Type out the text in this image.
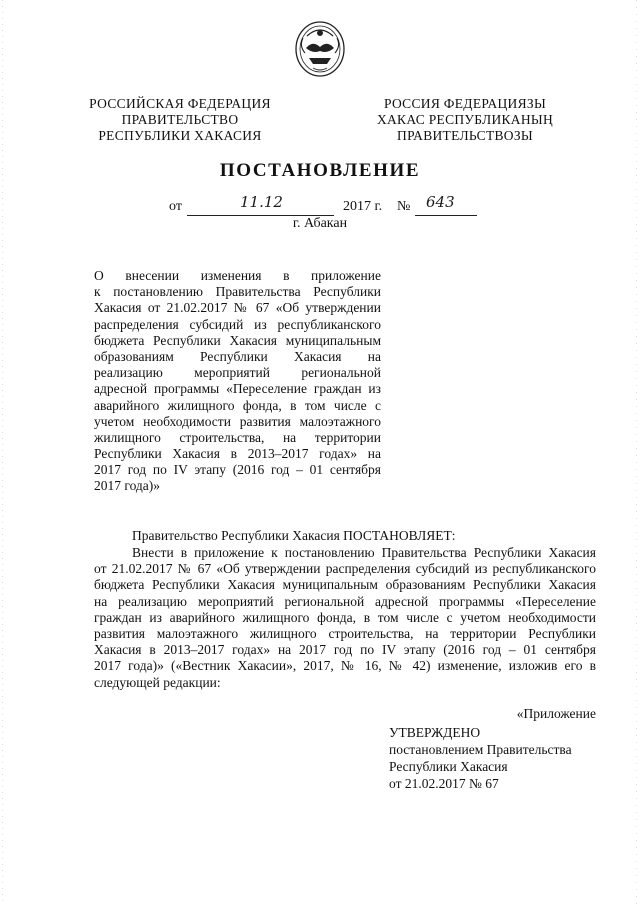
РОССИЙСКАЯ ФЕДЕРАЦИЯ
ПРАВИТЕЛЬСТВО
РЕСПУБЛИКИ ХАКАСИЯ
РОССИЯ ФЕДЕРАЦИЯЗЫ
ХАКАС РЕСПУБЛИКАНЫҢ
ПРАВИТЕЛЬСТВОЗЫ
ПОСТАНОВЛЕНИЕ
от	11.12	2017 г. № 643
г. Абакан
О внесении изменения в приложение
к постановлению Правительства Республики
Хакасия от 21.02.2017 № 67 «Об утверждении
распределения субсидий из республиканского
бюджета Республики Хакасия муниципальным
образованиям Республики Хакасия на
реализацию мероприятий региональной
адресной программы «Переселение граждан из
аварийного жилищного фонда, в том числе с
учетом необходимости развития малоэтажного
жилищного строительства, на территории
Республики Хакасия в 2013–2017 годах» на
2017 год по IV этапу (2016 год – 01 сентября
2017 года)»
Правительство Республики Хакасия ПОСТАНОВЛЯЕТ:
Внести в приложение к постановлению Правительства Республики Хакасия
от 21.02.2017 № 67 «Об утверждении распределения субсидий из республиканского
бюджета Республики Хакасия муниципальным образованиям Республики Хакасия
на реализацию мероприятий региональной адресной программы «Переселение
граждан из аварийного жилищного фонда, в том числе с учетом необходимости
развития малоэтажного жилищного строительства, на территории Республики
Хакасия в 2013–2017 годах» на 2017 год по IV этапу (2016 год – 01 сентября
2017 года)» («Вестник Хакасии», 2017, № 16, № 42) изменение, изложив его в
следующей редакции:
«Приложение
УТВЕРЖДЕНО
постановлением Правительства
Республики Хакасия
от 21.02.2017 № 67
